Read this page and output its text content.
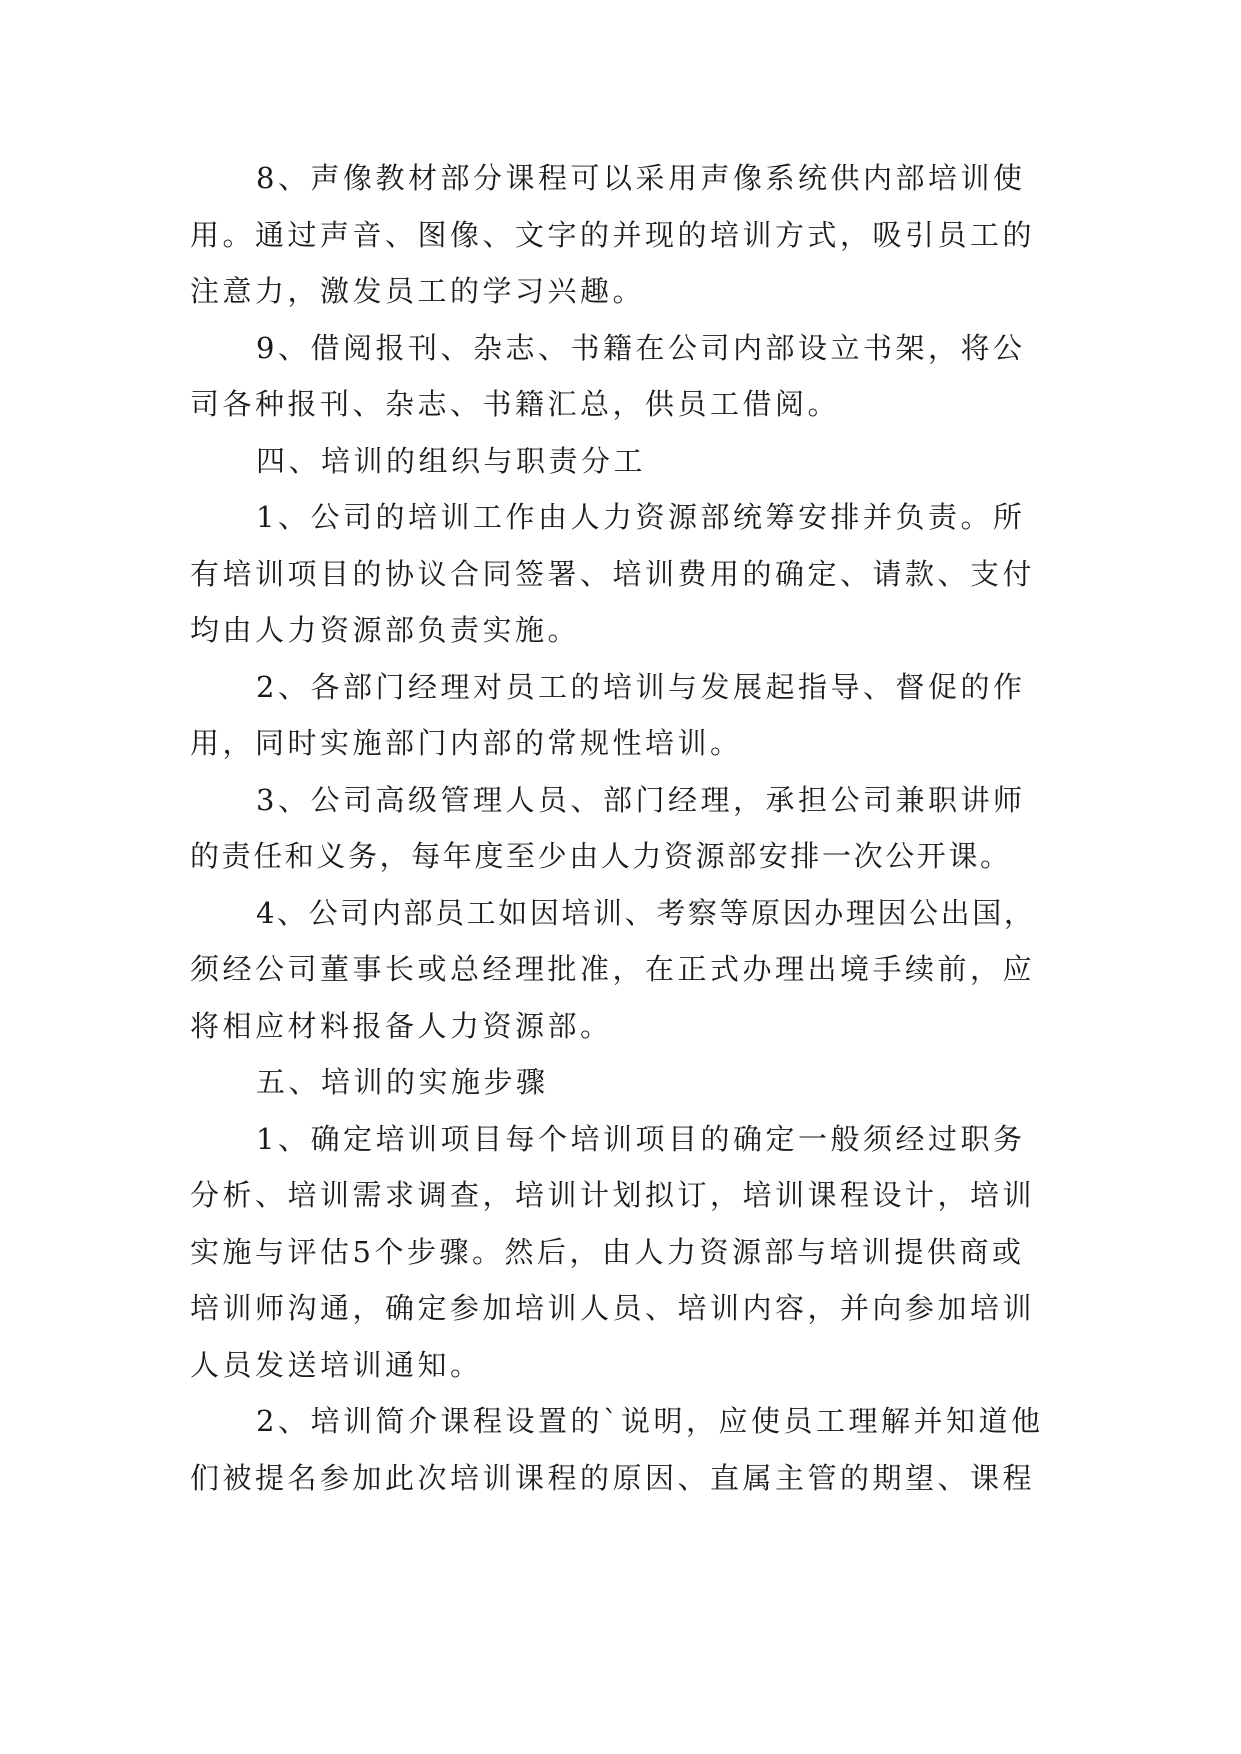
8、声像教材部分课程可以采用声像系统供内部培训使
用。通过声音、图像、文字的并现的培训方式，吸引员工的
注意力，激发员工的学习兴趣。
9、借阅报刊、杂志、书籍在公司内部设立书架，将公
司各种报刊、杂志、书籍汇总，供员工借阅。
四、培训的组织与职责分工
1、公司的培训工作由人力资源部统筹安排并负责。所
有培训项目的协议合同签署、培训费用的确定、请款、支付
均由人力资源部负责实施。
2、各部门经理对员工的培训与发展起指导、督促的作
用，同时实施部门内部的常规性培训。
3、公司高级管理人员、部门经理，承担公司兼职讲师
的责任和义务，每年度至少由人力资源部安排一次公开课。
4、公司内部员工如因培训、考察等原因办理因公出国，
须经公司董事长或总经理批准，在正式办理出境手续前，应
将相应材料报备人力资源部。
五、培训的实施步骤
1、确定培训项目每个培训项目的确定一般须经过职务
分析、培训需求调查，培训计划拟订，培训课程设计，培训
实施与评估5个步骤。然后，由人力资源部与培训提供商或
培训师沟通，确定参加培训人员、培训内容，并向参加培训
人员发送培训通知。
2、培训简介课程设置的`说明，应使员工理解并知道他
们被提名参加此次培训课程的原因、直属主管的期望、课程
